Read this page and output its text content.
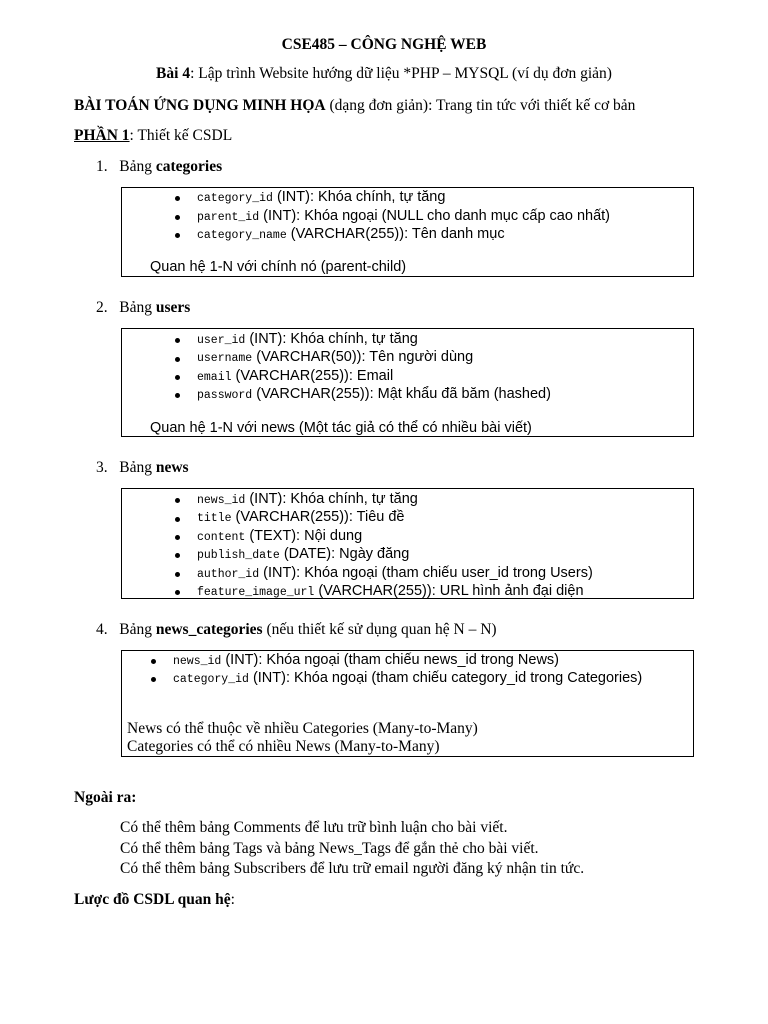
CSE485 – CÔNG NGHỆ WEB
Bài 4: Lập trình Website hướng dữ liệu *PHP – MYSQL (ví dụ đơn giản)
BÀI TOÁN ỨNG DỤNG MINH HỌA (dạng đơn giản): Trang tin tức với thiết kế cơ bản
PHẦN 1: Thiết kế CSDL
1. Bảng categories
category_id (INT): Khóa chính, tự tăng
parent_id (INT): Khóa ngoại (NULL cho danh mục cấp cao nhất)
category_name (VARCHAR(255)): Tên danh mục
Quan hệ 1-N với chính nó (parent-child)
2. Bảng users
user_id (INT): Khóa chính, tự tăng
username (VARCHAR(50)): Tên người dùng
email (VARCHAR(255)): Email
password (VARCHAR(255)): Mật khẩu đã băm (hashed)
Quan hệ 1-N với news (Một tác giả có thể có nhiều bài viết)
3. Bảng news
news_id (INT): Khóa chính, tự tăng
title (VARCHAR(255)): Tiêu đề
content (TEXT): Nội dung
publish_date (DATE): Ngày đăng
author_id (INT): Khóa ngoại (tham chiếu user_id trong Users)
feature_image_url (VARCHAR(255)): URL hình ảnh đại diện
4. Bảng news_categories (nếu thiết kế sử dụng quan hệ N – N)
news_id (INT): Khóa ngoại (tham chiếu news_id trong News)
category_id (INT): Khóa ngoại (tham chiếu category_id trong Categories)
News có thể thuộc về nhiều Categories (Many-to-Many)
Categories có thể có nhiều News (Many-to-Many)
Ngoài ra:
Có thể thêm bảng Comments để lưu trữ bình luận cho bài viết.
Có thể thêm bảng Tags và bảng News_Tags để gắn thẻ cho bài viết.
Có thể thêm bảng Subscribers để lưu trữ email người đăng ký nhận tin tức.
Lược đồ CSDL quan hệ:
